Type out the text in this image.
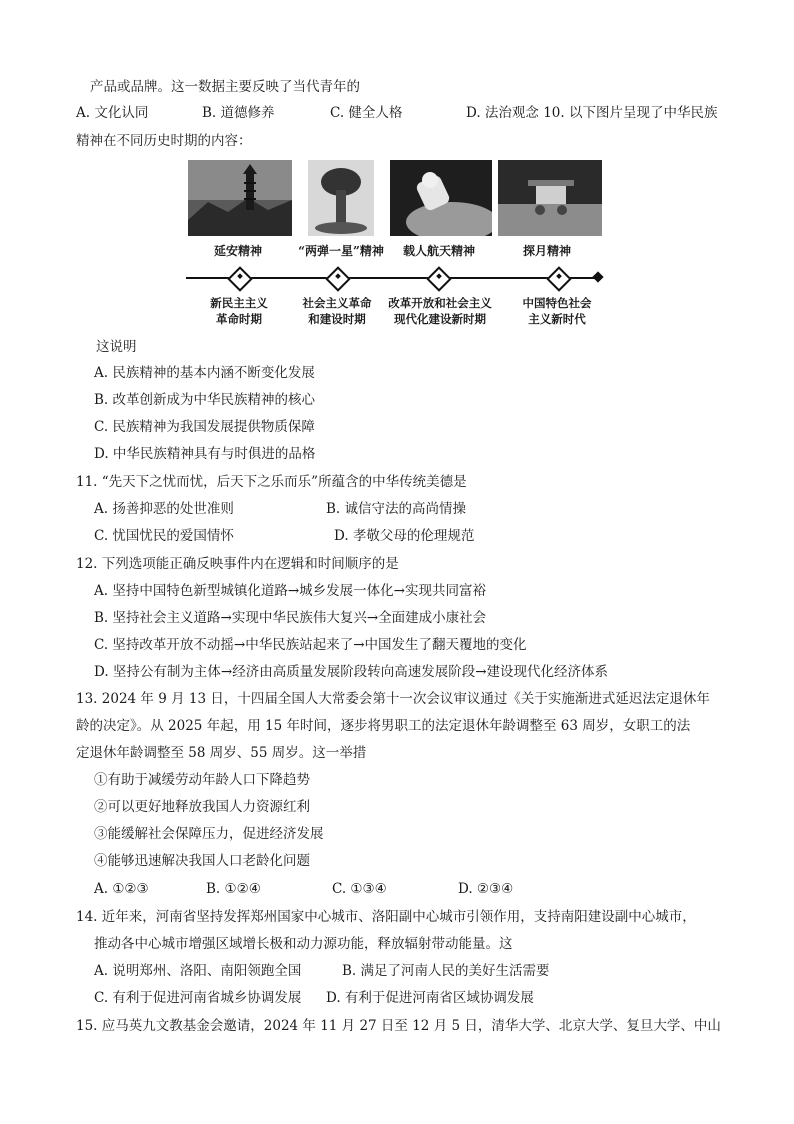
产品或品牌。这一数据主要反映了当代青年的
A. 文化认同	B. 道德修养	C. 健全人格	D. 法治观念 10. 以下图片呈现了中华民族
精神在不同历史时期的内容：
延安精神	“两弹一星”精神	载人航天精神	探月精神
新民主主义
革命时期
社会主义革命
和建设时期
改革开放和社会主义
现代化建设新时期
中国特色社会
主义新时代
这说明
A. 民族精神的基本内涵不断变化发展
B. 改革创新成为中华民族精神的核心
C. 民族精神为我国发展提供物质保障
D. 中华民族精神具有与时俱进的品格
11. “先天下之忧而忧，后天下之乐而乐”所蕴含的中华传统美德是
A. 扬善抑恶的处世准则	B. 诚信守法的高尚情操
C. 忧国忧民的爱国情怀	D. 孝敬父母的伦理规范
12. 下列选项能正确反映事件内在逻辑和时间顺序的是
A. 坚持中国特色新型城镇化道路→城乡发展一体化→实现共同富裕
B. 坚持社会主义道路→实现中华民族伟大复兴→全面建成小康社会
C. 坚持改革开放不动摇→中华民族站起来了→中国发生了翻天覆地的变化
D. 坚持公有制为主体→经济由高质量发展阶段转向高速发展阶段→建设现代化经济体系
13. 2024 年 9 月 13 日，十四届全国人大常委会第十一次会议审议通过《关于实施渐进式延迟法定退休年
龄的决定》。从 2025 年起，用 15 年时间，逐步将男职工的法定退休年龄调整至 63 周岁，女职工的法
定退休年龄调整至 58 周岁、55 周岁。这一举措
①有助于减缓劳动年龄人口下降趋势
②可以更好地释放我国人力资源红利
③能缓解社会保障压力，促进经济发展
④能够迅速解决我国人口老龄化问题
A. ①②③	B. ①②④	C. ①③④	D. ②③④
14. 近年来，河南省坚持发挥郑州国家中心城市、洛阳副中心城市引领作用，支持南阳建设副中心城市，
推动各中心城市增强区域增长极和动力源功能，释放辐射带动能量。这
A. 说明郑州、洛阳、南阳领跑全国	B. 满足了河南人民的美好生活需要
C. 有利于促进河南省城乡协调发展 D. 有利于促进河南省区域协调发展
15. 应马英九文教基金会邀请，2024 年 11 月 27 日至 12 月 5 日，清华大学、北京大学、复旦大学、中山
